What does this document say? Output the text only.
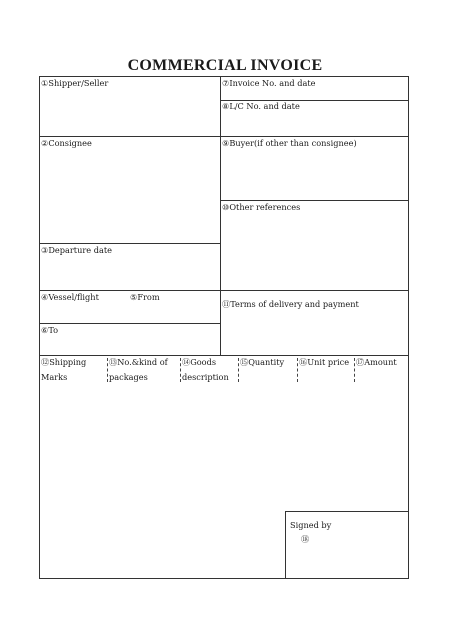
COMMERCIAL INVOICE
①Shipper/Seller	⑦Invoice No. and date
⑧L/C No. and date
②Consignee	⑨Buyer(if other than consignee)
⑩Other references
③Departure date
④Vessel/flight	⑤From
⑪Terms of delivery and payment
⑥To
⑫Shipping
Marks
⑬No.&kind of
packages
⑭Goods
description
⑮Quantity ⑯Unit price ⑰Amount
Signed by
⑱
